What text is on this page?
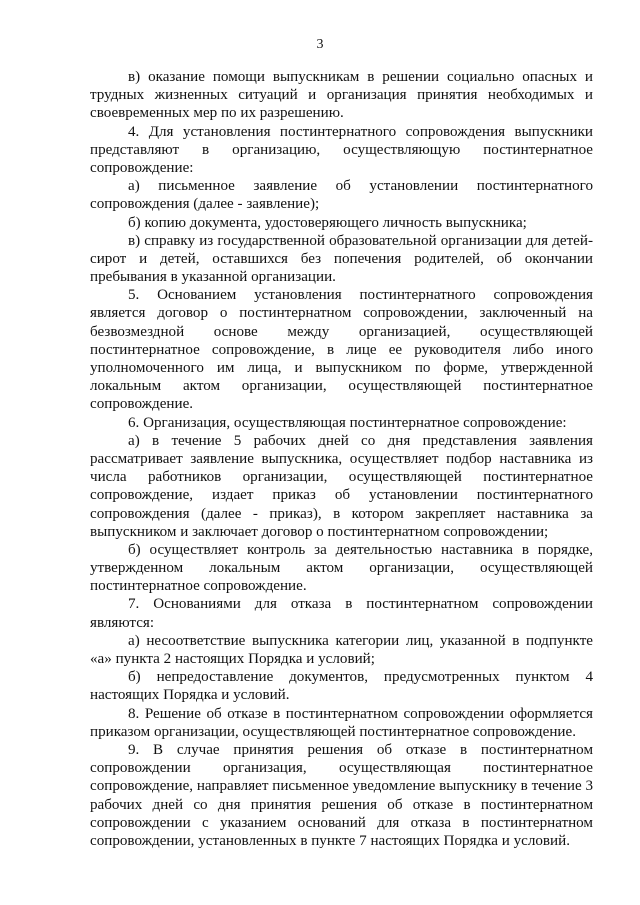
3

в) оказание помощи выпускникам в решении социально опасных и трудных жизненных ситуаций и организация принятия необходимых и своевременных мер по их разрешению.

4. Для установления постинтернатного сопровождения выпускники представляют в организацию, осуществляющую постинтернатное сопровождение:

а) письменное заявление об установлении постинтернатного сопровождения (далее - заявление);

б) копию документа, удостоверяющего личность выпускника;

в) справку из государственной образовательной организации для детей-сирот и детей, оставшихся без попечения родителей, об окончании пребывания в указанной организации.

5. Основанием установления постинтернатного сопровождения является договор о постинтернатном сопровождении, заключенный на безвозмездной основе между организацией, осуществляющей постинтернатное сопровождение, в лице ее руководителя либо иного уполномоченного им лица, и выпускником по форме, утвержденной локальным актом организации, осуществляющей постинтернатное сопровождение.

6. Организация, осуществляющая постинтернатное сопровождение:

а) в течение 5 рабочих дней со дня представления заявления рассматривает заявление выпускника, осуществляет подбор наставника из числа работников организации, осуществляющей постинтернатное сопровождение, издает приказ об установлении постинтернатного сопровождения (далее - приказ), в котором закрепляет наставника за выпускником и заключает договор о постинтернатном сопровождении;

б) осуществляет контроль за деятельностью наставника в порядке, утвержденном локальным актом организации, осуществляющей постинтернатное сопровождение.

7. Основаниями для отказа в постинтернатном сопровождении являются:

а) несоответствие выпускника категории лиц, указанной в подпункте «а» пункта 2 настоящих Порядка и условий;

б) непредоставление документов, предусмотренных пунктом 4 настоящих Порядка и условий.

8. Решение об отказе в постинтернатном сопровождении оформляется приказом организации, осуществляющей постинтернатное сопровождение.

9. В случае принятия решения об отказе в постинтернатном сопровождении организация, осуществляющая постинтернатное сопровождение, направляет письменное уведомление выпускнику в течение 3 рабочих дней со дня принятия решения об отказе в постинтернатном сопровождении с указанием оснований для отказа в постинтернатном сопровождении, установленных в пункте 7 настоящих Порядка и условий.
